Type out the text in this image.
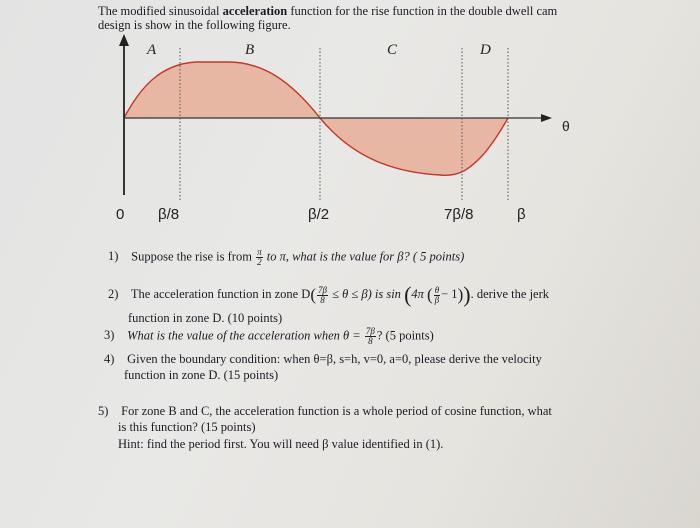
The modified sinusoidal acceleration function for the rise function in the double dwell cam
design is show in the following figure.
A	B	C	D
θ
0 β/8	β/2	7β/8	β
1) Suppose the rise is from $\frac{\pi}{2}$ to π, what is the value for β? ( 5 points)
2) The acceleration function in zone $D( \frac{7\beta}{8} \le \theta \le \beta)$ is sin (4π ( $\frac{\theta}{\beta} - 1$)). derive the jerk
function in zone D. (10 points)
3) What is the value of the acceleration when $\theta = \frac{7\beta}{8}$ ? (5 points)
4) Given the boundary condition: when θ=β, s=h, v=0, a=0, please derive the velocity
function in zone D. (15 points)
5) For zone B and C, the acceleration function is a whole period of cosine function, what
is this function? (15 points)
Hint: find the period first. You will need β value identified in (1).
